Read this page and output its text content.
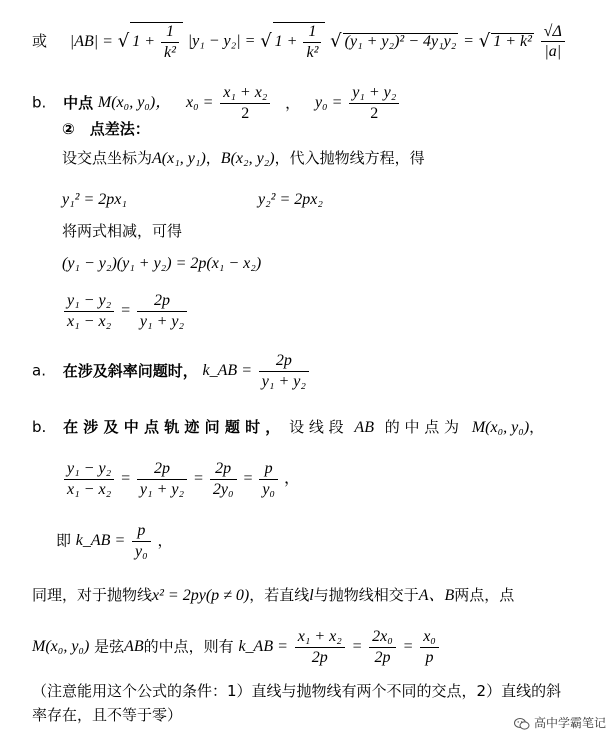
或 |AB| = √ $1 + \frac{1}{\text{k²}} |y_1 - y_2|$ = √ $1 + \frac{1}{\text{k²}}$ √ (y₁ + y₂)² − 4y₁y₂ = √ $1 + k^2 \frac{√\Delta}{|a|}$
b. 中点 M(x₀, y₀)， $x_0 = \frac{\text{x₁ + x₂}}{2}$ ， $y_0 = \frac{\text{y₁ + y₂}}{2}$
②　点差法：
设交点坐标为A(x₁, y₁)，B(x₂, y₂)，代入抛物线方程，得
y₁² = 2px₁	y₂² = 2px₂
将两式相减，可得
(y₁ − y₂)(y₁ + y₂) = 2p(x₁ − x₂)
$\frac{\text{y₁ − y₂}}{\text{x₁ − x₂}} = \frac{2p}{\text{y₁ + y₂}}$
a. 在涉及斜率问题时， k_AB = $\frac{2p}{\text{y₁ + y₂}}$
b. 在 涉 及 中 点 轨 迹 问 题 时 ， 设 线 段 AB 的 中 点 为 M(x₀, y₀)，
$\frac{\text{y₁ − y₂}}{\text{x₁ − x₂}} = \frac{2p}{\text{y₁ + y₂}} = \frac{2p}{\text{2y₀}} = \frac{p}{\text{y₀}}$ ，
即 k_AB = $\frac{p}{\text{y₀}}$ ，
同理，对于抛物线x² = 2py(p ≠ 0)，若直线l与抛物线相交于A、B两点，点
M(x₀, y₀) 是弦AB的中点，则有 k_AB = $\frac{\text{x₁ + x₂}}{2p} = \frac{\text{2x₀}}{2p} = \frac{\text{x₀}}{p}$
（注意能用这个公式的条件：1）直线与抛物线有两个不同的交点，2）直线的斜
率存在，且不等于零）	高中学霸笔记
